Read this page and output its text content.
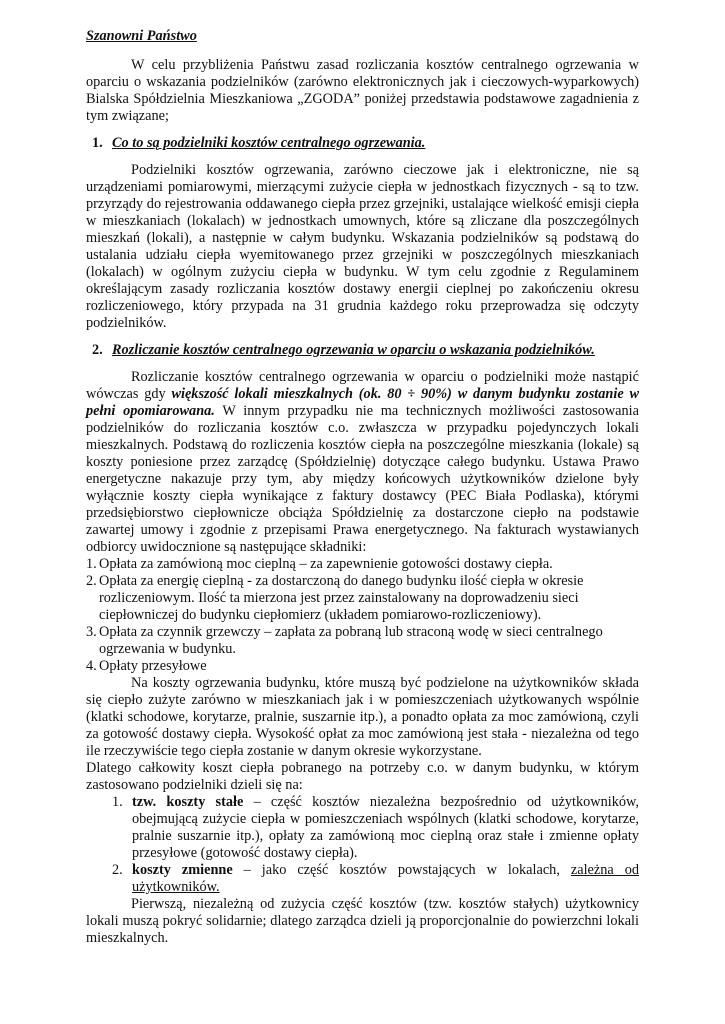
Szanowni Państwo

W celu przybliżenia Państwu zasad rozliczania kosztów centralnego ogrzewania w oparciu o wskazania podzielników (zarówno elektronicznych jak i cieczowych-wyparkowych) Bialska Spółdzielnia Mieszkaniowa „ZGODA” poniżej przedstawia podstawowe zagadnienia z tym związane;

1. Co to są podzielniki kosztów centralnego ogrzewania.

Podzielniki kosztów ogrzewania, zarówno cieczowe jak i elektroniczne, nie są urządzeniami pomiarowymi, mierzącymi zużycie ciepła w jednostkach fizycznych - są to tzw. przyrządy do rejestrowania oddawanego ciepła przez grzejniki, ustalające wielkość emisji ciepła w mieszkaniach (lokalach) w jednostkach umownych, które są zliczane dla poszczególnych mieszkań (lokali), a następnie w całym budynku. Wskazania podzielników są podstawą do ustalania udziału ciepła wyemitowanego przez grzejniki w poszczególnych mieszkaniach (lokalach) w ogólnym zużyciu ciepła w budynku. W tym celu zgodnie z Regulaminem określającym zasady rozliczania kosztów dostawy energii cieplnej po zakończeniu okresu rozliczeniowego, który przypada na 31 grudnia każdego roku przeprowadza się odczyty podzielników.

2. Rozliczanie kosztów centralnego ogrzewania w oparciu o wskazania podzielników.

Rozliczanie kosztów centralnego ogrzewania w oparciu o podzielniki może nastąpić wówczas gdy większość lokali mieszkalnych (ok. 80 ÷ 90%) w danym budynku zostanie w pełni opomiarowana. W innym przypadku nie ma technicznych możliwości zastosowania podzielników do rozliczania kosztów c.o. zwłaszcza w przypadku pojedynczych lokali mieszkalnych. Podstawą do rozliczenia kosztów ciepła na poszczególne mieszkania (lokale) są koszty poniesione przez zarządcę (Spółdzielnię) dotyczące całego budynku. Ustawa Prawo energetyczne nakazuje przy tym, aby między końcowych użytkowników dzielone były wyłącznie koszty ciepła wynikające z faktury dostawcy (PEC Biała Podlaska), którymi przedsiębiorstwo ciepłownicze obciąża Spółdzielnię za dostarczone ciepło na podstawie zawartej umowy i zgodnie z przepisami Prawa energetycznego. Na fakturach wystawianych odbiorcy uwidocznione są następujące składniki:

1. Opłata za zamówioną moc cieplną – za zapewnienie gotowości dostawy ciepła.
2. Opłata za energię cieplną - za dostarczoną do danego budynku ilość ciepła w okresie rozliczeniowym. Ilość ta mierzona jest przez zainstalowany na doprowadzeniu sieci ciepłowniczej do budynku ciepłomierz (układem pomiarowo-rozliczeniowy).
3. Opłata za czynnik grzewczy – zapłata za pobraną lub straconą wodę w sieci centralnego ogrzewania w budynku.
4. Opłaty przesyłowe

Na koszty ogrzewania budynku, które muszą być podzielone na użytkowników składa się ciepło zużyte zarówno w mieszkaniach jak i w pomieszczeniach użytkowanych wspólnie (klatki schodowe, korytarze, pralnie, suszarnie itp.), a ponadto opłata za moc zamówioną, czyli za gotowość dostawy ciepła. Wysokość opłat za moc zamówioną jest stała - niezależna od tego ile rzeczywiście tego ciepła zostanie w danym okresie wykorzystane.

Dlatego całkowity koszt ciepła pobranego na potrzeby c.o. w danym budynku, w którym zastosowano podzielniki dzieli się na:

1. tzw. koszty stałe – część kosztów niezależna bezpośrednio od użytkowników, obejmującą zużycie ciepła w pomieszczeniach wspólnych (klatki schodowe, korytarze, pralnie suszarnie itp.), opłaty za zamówioną moc cieplną oraz stałe i zmienne opłaty przesyłowe (gotowość dostawy ciepła).
2. koszty zmienne – jako część kosztów powstających w lokalach, zależna od użytkowników.

Pierwszą, niezależną od zużycia część kosztów (tzw. kosztów stałych) użytkownicy lokali muszą pokryć solidarnie; dlatego zarządca dzieli ją proporcjonalnie do powierzchni lokali mieszkalnych.
